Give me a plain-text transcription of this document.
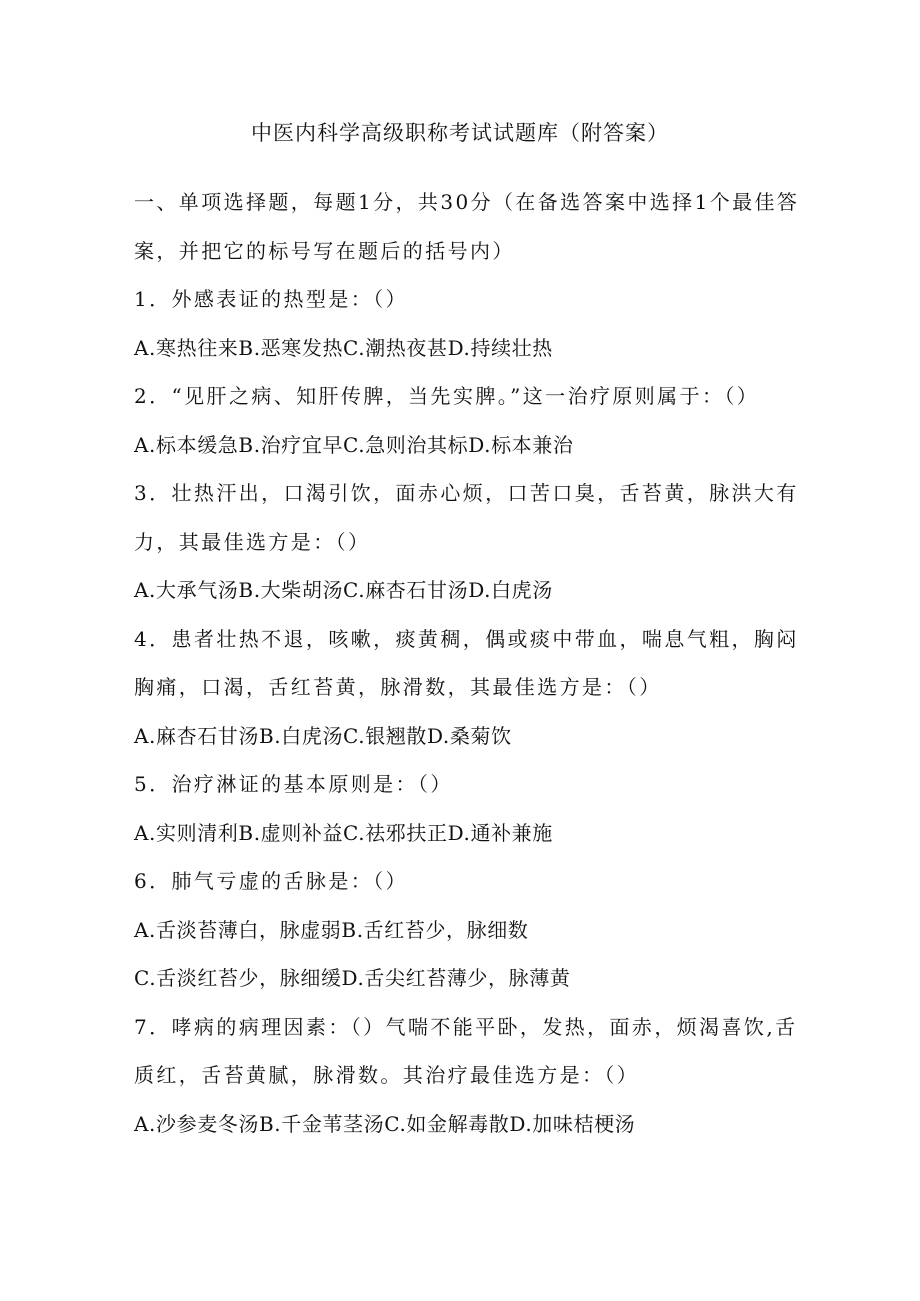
中医内科学高级职称考试试题库（附答案）
一、单项选择题，每题1分，共30分（在备选答案中选择1个最佳答
案，并把它的标号写在题后的括号内）
1．外感表证的热型是：（）
A.寒热往来B.恶寒发热C.潮热夜甚D.持续壮热
2．“见肝之病、知肝传脾，当先实脾。”这一治疗原则属于：（）
A.标本缓急B.治疗宜早C.急则治其标D.标本兼治
3．壮热汗出，口渴引饮，面赤心烦，口苦口臭，舌苔黄，脉洪大有
力，其最佳选方是：（）
A.大承气汤B.大柴胡汤C.麻杏石甘汤D.白虎汤
4．患者壮热不退，咳嗽，痰黄稠，偶或痰中带血，喘息气粗，胸闷
胸痛，口渴，舌红苔黄，脉滑数，其最佳选方是：（）
A.麻杏石甘汤B.白虎汤C.银翘散D.桑菊饮
5．治疗淋证的基本原则是：（）
A.实则清利B.虚则补益C.祛邪扶正D.通补兼施
6．肺气亏虚的舌脉是：（）
A.舌淡苔薄白，脉虚弱B.舌红苔少，脉细数
C.舌淡红苔少，脉细缓D.舌尖红苔薄少，脉薄黄
7．哮病的病理因素：（）气喘不能平卧，发热，面赤，烦渴喜饮,舌
质红，舌苔黄腻，脉滑数。其治疗最佳选方是：（）
A.沙参麦冬汤B.千金苇茎汤C.如金解毒散D.加味桔梗汤
